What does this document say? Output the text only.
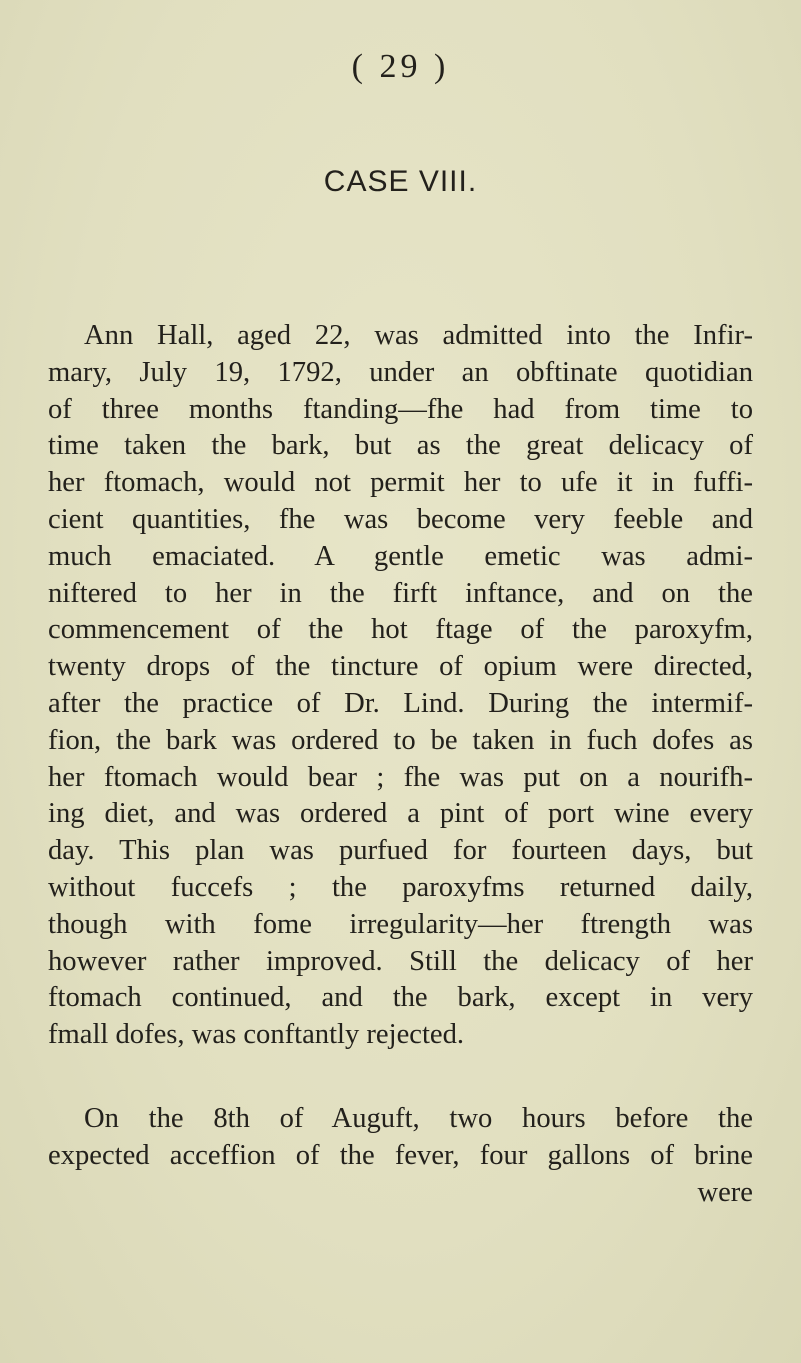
( 29 )
CASE VIII.

Ann Hall, aged 22, was admitted into the Infir-
mary, July 19, 1792, under an obftinate quotidian
of three months ftanding—fhe had from time to
time taken the bark, but as the great delicacy of
her ftomach, would not permit her to ufe it in fuffi-
cient quantities, fhe was become very feeble and
much emaciated. A gentle emetic was admi-
niftered to her in the firft inftance, and on the
commencement of the hot ftage of the paroxyfm,
twenty drops of the tincture of opium were directed,
after the practice of Dr. Lind. During the intermif-
fion, the bark was ordered to be taken in fuch dofes as
her ftomach would bear ; fhe was put on a nourifh-
ing diet, and was ordered a pint of port wine every
day. This plan was purfued for fourteen days, but
without fuccefs ; the paroxyfms returned daily,
though with fome irregularity—her ftrength was
however rather improved. Still the delicacy of her
ftomach continued, and the bark, except in very
fmall dofes, was conftantly rejected.

On the 8th of Auguft, two hours before the
expected acceffion of the fever, four gallons of brine
were
